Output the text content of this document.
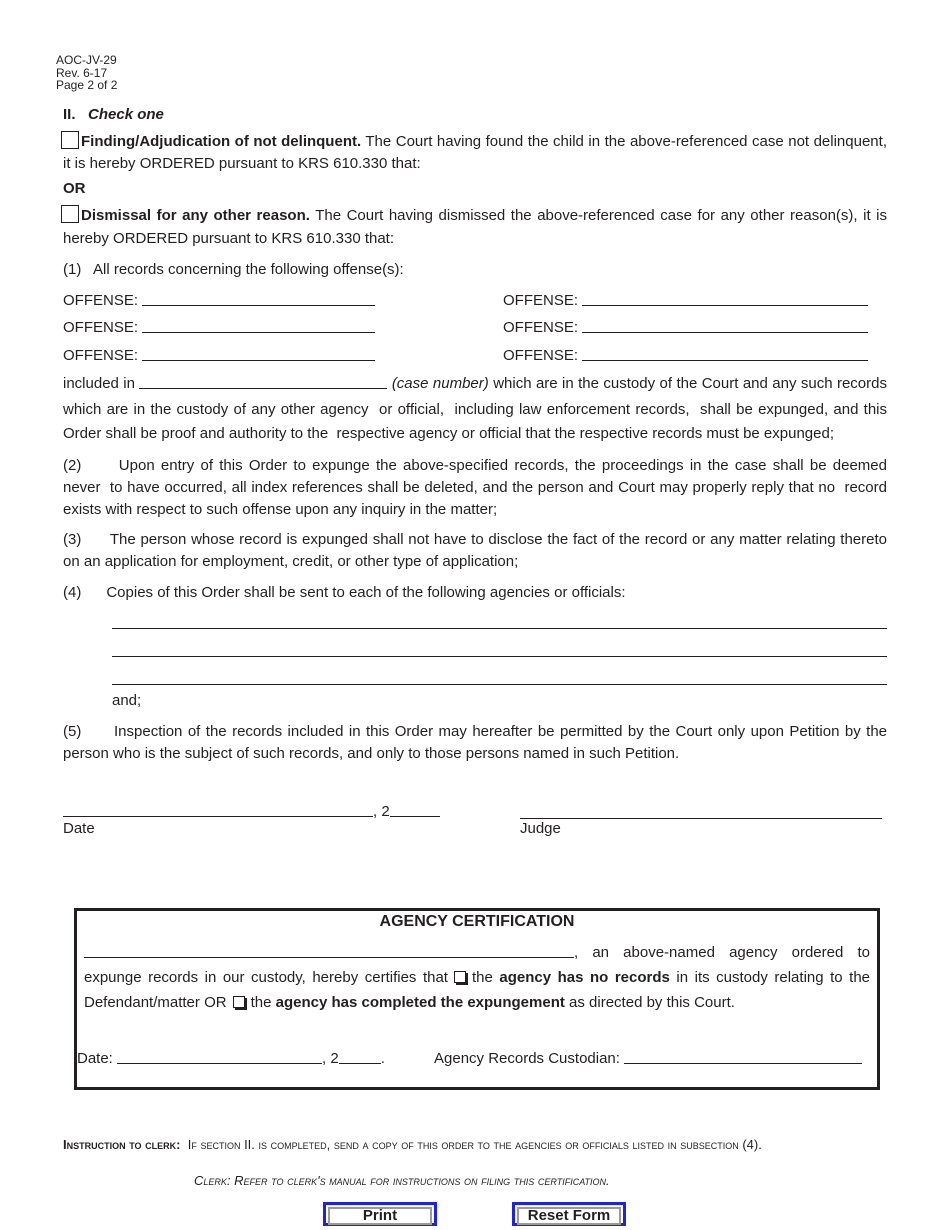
AOC-JV-29
Rev. 6-17
Page 2 of 2
II. Check one
Finding/Adjudication of not delinquent. The Court having found the child in the above-referenced case not delinquent,
it is hereby ORDERED pursuant to KRS 610.330 that:
OR
Dismissal for any other reason. The Court having dismissed the above-referenced case for any other reason(s), it is
hereby ORDERED pursuant to KRS 610.330 that:
(1)   All records concerning the following offense(s):
OFFENSE:	OFFENSE:
OFFENSE:	OFFENSE:
OFFENSE:	OFFENSE:
included in	(case number) which are in the custody of the Court and any such records
which are in the custody of any other agency  or official,  including law enforcement records,  shall be expunged, and this
Order shall be proof and authority to the  respective agency or official that the respective records must be expunged;
(2) Upon entry of this Order to expunge the above-specified records, the proceedings in the case shall be deemed
never  to have occurred, all index references shall be deleted, and the person and Court may properly reply that no  record
exists with respect to such offense upon any inquiry in the matter;
(3) The person whose record is expunged shall not have to disclose the fact of the record or any matter relating thereto
on an application for employment, credit, or other type of application;
(4) Copies of this Order shall be sent to each of the following agencies or officials:
and;
(5) Inspection of the records included in this Order may hereafter be permitted by the Court only upon Petition by the
person who is the subject of such records, and only to those persons named in such Petition.
, 2
Date	Judge
AGENCY CERTIFICATION
, an above-named agency ordered to
expunge records in our custody, hereby certifies that the agency has no records in its custody relating to the
Defendant/matter OR the agency has completed the expungement as directed by this Court.
Date:	, 2	.	Agency Records Custodian:
Instruction to clerk: If section II. is completed, send a copy of this order to the agencies or officials listed in subsection (4).
Clerk: Refer to clerk's manual for instructions on filing this certification.
Print	Reset Form
